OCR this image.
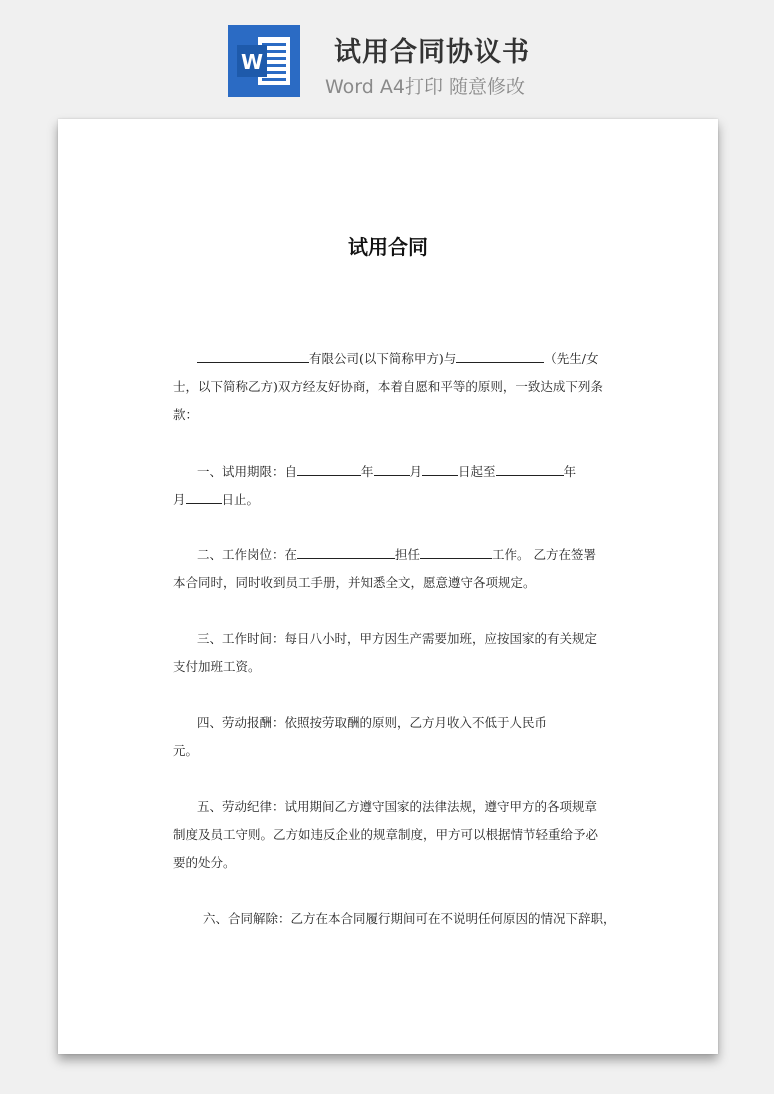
W	试用合同协议书
Word A4打印 随意修改

试用合同
有限公司(以下简称甲方)与	（先生/女
士，以下简称乙方)双方经友好协商，本着自愿和平等的原则，一致达成下列条
款：
一、试用期限：自	年	月	日起至	年
月	日止。
二、工作岗位：在	担任	工作。 乙方在签署
本合同时，同时收到员工手册，并知悉全文，愿意遵守各项规定。
三、工作时间：每日八小时，甲方因生产需要加班，应按国家的有关规定
支付加班工资。
四、劳动报酬：依照按劳取酬的原则，乙方月收入不低于人民币
元。
五、劳动纪律：试用期间乙方遵守国家的法律法规，遵守甲方的各项规章
制度及员工守则。乙方如违反企业的规章制度，甲方可以根据情节轻重给予必
要的处分。
六、合同解除：乙方在本合同履行期间可在不说明任何原因的情况下辞职，
